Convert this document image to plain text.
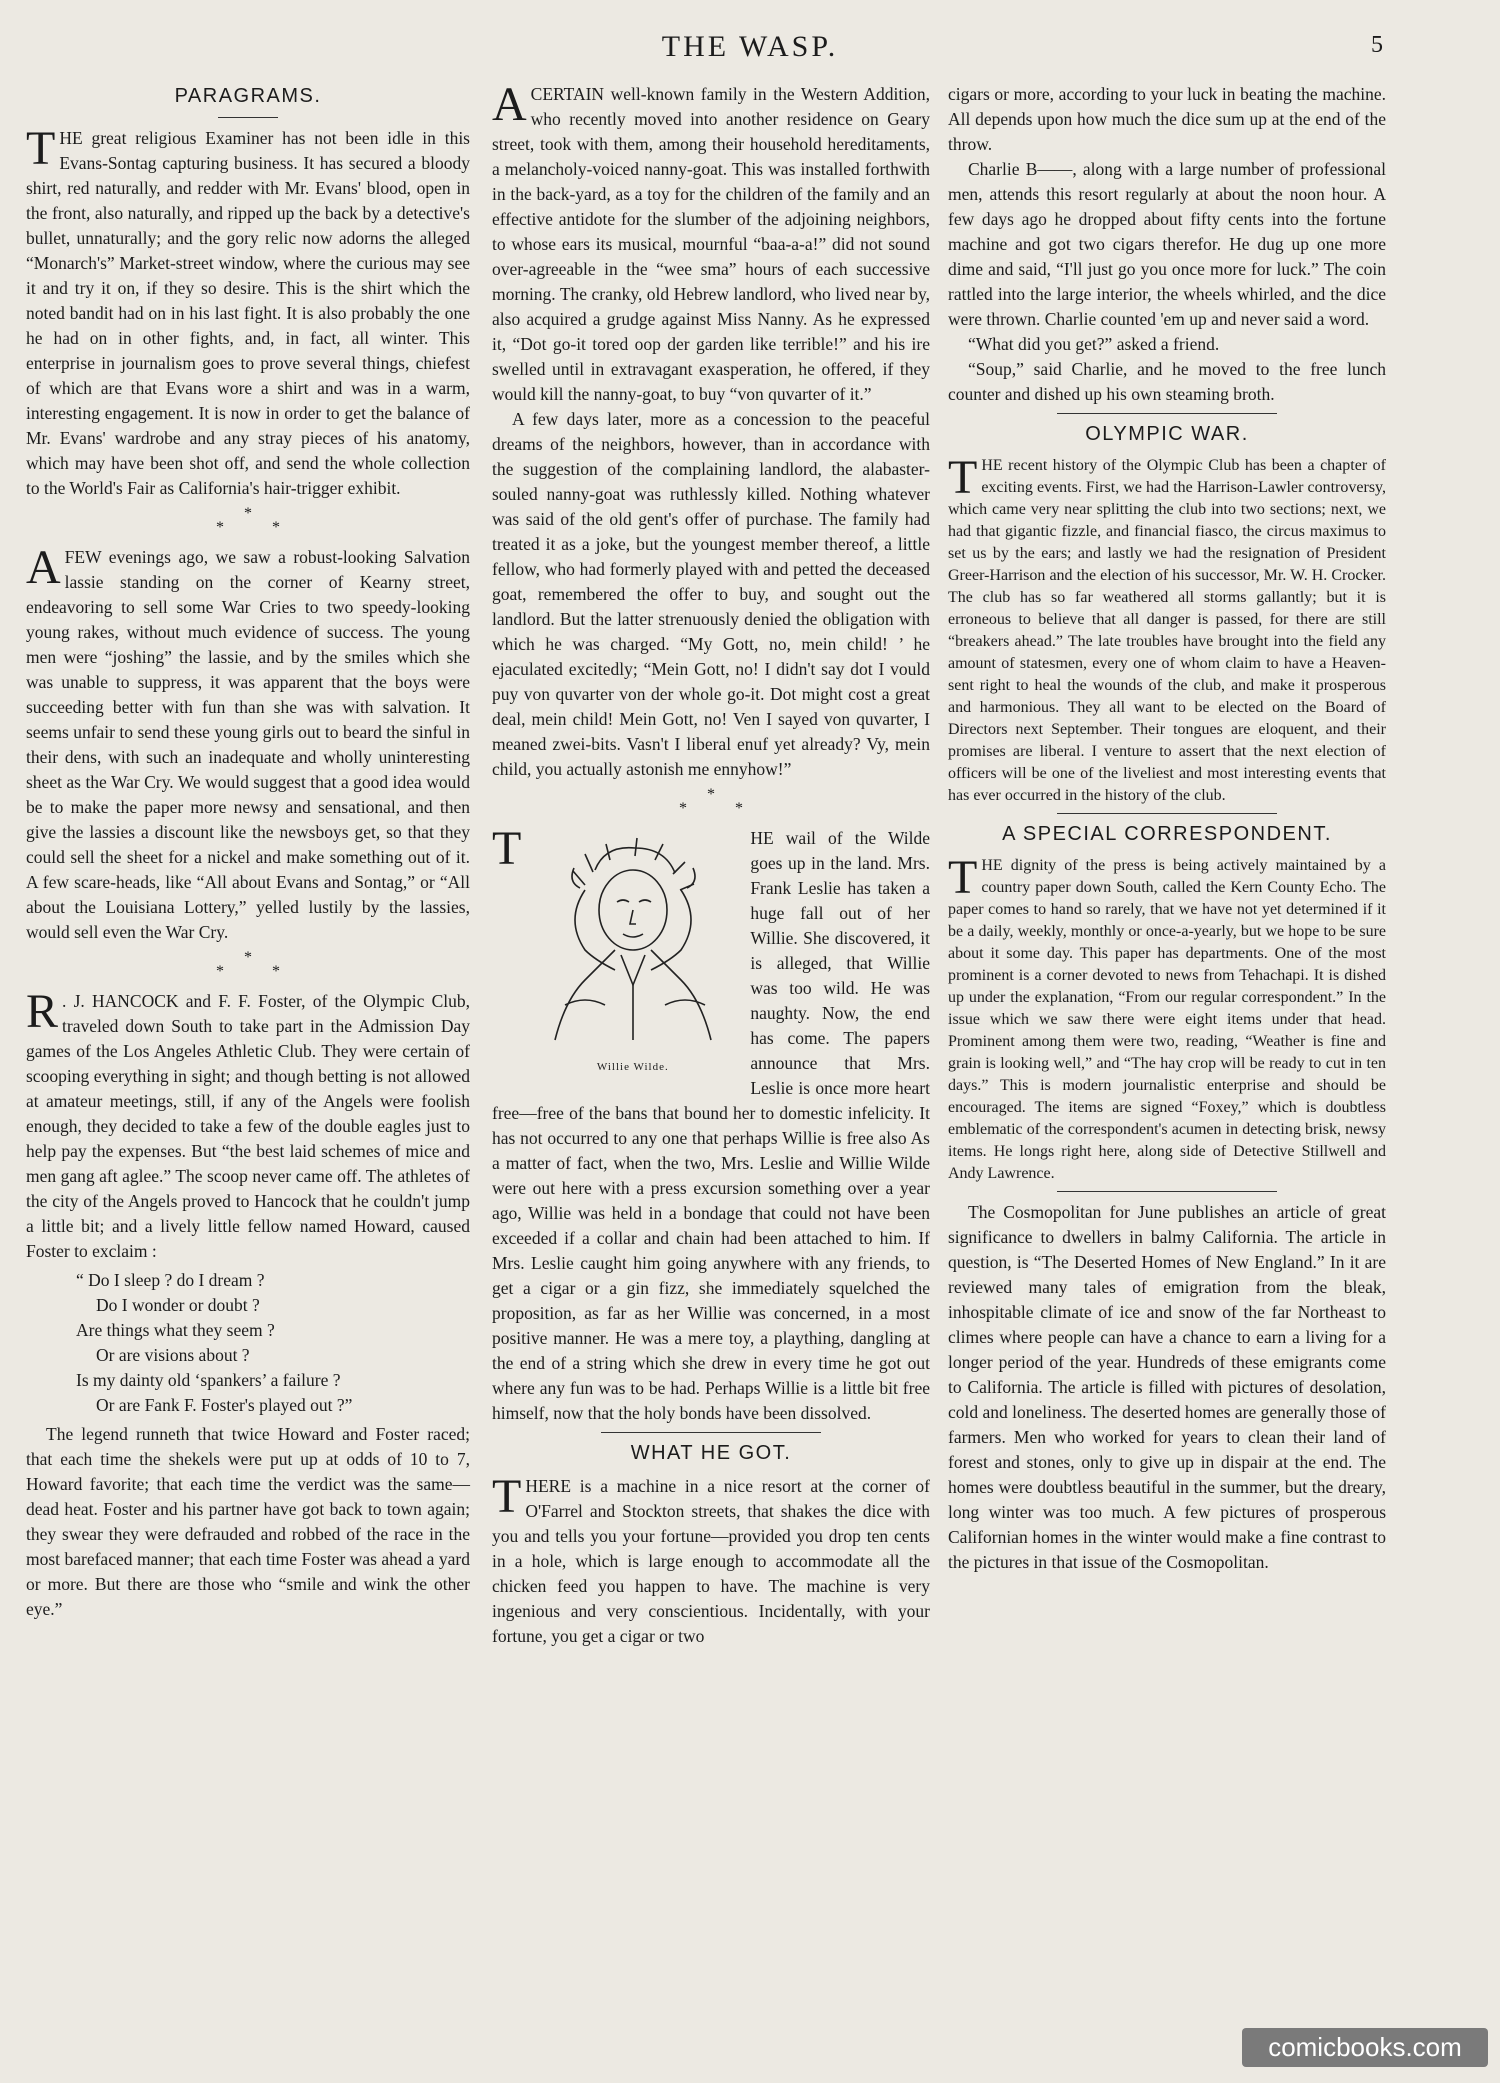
THE WASP.	5
PARAGRAMS.

THE great religious Examiner has not been idle in this Evans-Sontag capturing business. It has secured a bloody shirt, red naturally, and redder with Mr. Evans' blood, open in the front, also naturally, and ripped up the back by a detective's bullet, unnaturally; and the gory relic now adorns the alleged “Monarch's” Market-street window, where the curious may see it and try it on, if they so desire. This is the shirt which the noted bandit had on in his last fight. It is also probably the one he had on in other fights, and, in fact, all winter. This enterprise in journalism goes to prove several things, chiefest of which are that Evans wore a shirt and was in a warm, interesting engagement. It is now in order to get the balance of Mr. Evans' wardrobe and any stray pieces of his anatomy, which may have been shot off, and send the whole collection to the World's Fair as California's hair-trigger exhibit.

*
* *

AFEW evenings ago, we saw a robust-looking Salvation lassie standing on the corner of Kearny street, endeavoring to sell some War Cries to two speedy-looking young rakes, without much evidence of success. The young men were “joshing” the lassie, and by the smiles which she was unable to suppress, it was apparent that the boys were succeeding better with fun than she was with salvation. It seems unfair to send these young girls out to beard the sinful in their dens, with such an inadequate and wholly uninteresting sheet as the War Cry. We would suggest that a good idea would be to make the paper more newsy and sensational, and then give the lassies a discount like the newsboys get, so that they could sell the sheet for a nickel and make something out of it. A few scare-heads, like “All about Evans and Sontag,” or “All about the Louisiana Lottery,” yelled lustily by the lassies, would sell even the War Cry.

*
* *

R . J. HANCOCK and F. F. Foster, of the Olympic Club, traveled down South to take part in the Admission Day games of the Los Angeles Athletic Club. They were certain of scooping everything in sight; and though betting is not allowed at amateur meetings, still, if any of the Angels were foolish enough, they decided to take a few of the double eagles just to help pay the expenses. But “the best laid schemes of mice and men gang aft aglee.” The scoop never came off. The athletes of the city of the Angels proved to Hancock that he couldn't jump a little bit; and a lively little fellow named Howard, caused Foster to exclaim :

“ Do I sleep ? do I dream ?
Do I wonder or doubt ?
Are things what they seem ?
Or are visions about ?
Is my dainty old ‘spankers’ a failure ?
Or are Fank F. Foster's played out ?”

The legend runneth that twice Howard and Foster raced; that each time the shekels were put up at odds of 10 to 7, Howard favorite; that each time the verdict was the same—dead heat. Foster and his partner have got back to town again; they swear they were defrauded and robbed of the race in the most barefaced manner; that each time Foster was ahead a yard or more. But there are those who “smile and wink the other eye.”

ACERTAIN well-known family in the Western Addition, who recently moved into another residence on Geary street, took with them, among their household hereditaments, a melancholy-voiced nanny-goat. This was installed forthwith in the back-yard, as a toy for the children of the family and an effective antidote for the slumber of the adjoining neighbors, to whose ears its musical, mournful “baa-a-a!” did not sound over-agreeable in the “wee sma” hours of each successive morning. The cranky, old Hebrew landlord, who lived near by, also acquired a grudge against Miss Nanny. As he expressed it, “Dot go-it tored oop der garden like terrible!” and his ire swelled until in extravagant exasperation, he offered, if they would kill the nanny-goat, to buy “von quvarter of it.”

A few days later, more as a concession to the peaceful dreams of the neighbors, however, than in accordance with the suggestion of the complaining landlord, the alabaster-souled nanny-goat was ruthlessly killed. Nothing whatever was said of the old gent's offer of purchase. The family had treated it as a joke, but the youngest member thereof, a little fellow, who had formerly played with and petted the deceased goat, remembered the offer to buy, and sought out the landlord. But the latter strenuously denied the obligation with which he was charged. “My Gott, no, mein child! ’ he ejaculated excitedly; “Mein Gott, no! I didn't say dot I vould puy von quvarter von der whole go-it. Dot might cost a great deal, mein child! Mein Gott, no! Ven I sayed von quvarter, I meaned zwei-bits. Vasn't I liberal enuf yet already? Vy, mein child, you actually astonish me ennyhow!”

*
* *

T
Willie Wilde.
HE wail of the Wilde goes up in the land. Mrs. Frank Leslie has taken a huge fall out of her Willie. She discovered, it is alleged, that Willie was too wild. He was naughty. Now, the end has come. The papers announce that Mrs. Leslie is once more heart free—free of the bans that bound her to domestic infelicity. It has not occurred to any one that perhaps Willie is free also As a matter of fact, when the two, Mrs. Leslie and Willie Wilde were out here with a press excursion something over a year ago, Willie was held in a bondage that could not have been exceeded if a collar and chain had been attached to him. If Mrs. Leslie caught him going anywhere with any friends, to get a cigar or a gin fizz, she immediately squelched the proposition, as far as her Willie was concerned, in a most positive manner. He was a mere toy, a plaything, dangling at the end of a string which she drew in every time he got out where any fun was to be had. Perhaps Willie is a little bit free himself, now that the holy bonds have been dissolved.

WHAT HE GOT.

THERE is a machine in a nice resort at the corner of O'Farrel and Stockton streets, that shakes the dice with you and tells you your fortune—provided you drop ten cents in a hole, which is large enough to accommodate all the chicken feed you happen to have. The machine is very ingenious and very conscientious. Incidentally, with your fortune, you get a cigar or two

cigars or more, according to your luck in beating the machine. All depends upon how much the dice sum up at the end of the throw.

Charlie B——, along with a large number of professional men, attends this resort regularly at about the noon hour. A few days ago he dropped about fifty cents into the fortune machine and got two cigars therefor. He dug up one more dime and said, “I'll just go you once more for luck.” The coin rattled into the large interior, the wheels whirled, and the dice were thrown. Charlie counted 'em up and never said a word.

“What did you get?” asked a friend.

“Soup,” said Charlie, and he moved to the free lunch counter and dished up his own steaming broth.

OLYMPIC WAR.

THE recent history of the Olympic Club has been a chapter of exciting events. First, we had the Harrison-Lawler controversy, which came very near splitting the club into two sections; next, we had that gigantic fizzle, and financial fiasco, the circus maximus to set us by the ears; and lastly we had the resignation of President Greer-Harrison and the election of his successor, Mr. W. H. Crocker. The club has so far weathered all storms gallantly; but it is erroneous to believe that all danger is passed, for there are still “breakers ahead.” The late troubles have brought into the field any amount of statesmen, every one of whom claim to have a Heaven-sent right to heal the wounds of the club, and make it prosperous and harmonious. They all want to be elected on the Board of Directors next September. Their tongues are eloquent, and their promises are liberal. I venture to assert that the next election of officers will be one of the liveliest and most interesting events that has ever occurred in the history of the club.

A SPECIAL CORRESPONDENT.

THE dignity of the press is being actively maintained by a country paper down South, called the Kern County Echo. The paper comes to hand so rarely, that we have not yet determined if it be a daily, weekly, monthly or once-a-yearly, but we hope to be sure about it some day. This paper has departments. One of the most prominent is a corner devoted to news from Tehachapi. It is dished up under the explanation, “From our regular correspondent.” In the issue which we saw there were eight items under that head. Prominent among them were two, reading, “Weather is fine and grain is looking well,” and “The hay crop will be ready to cut in ten days.” This is modern journalistic enterprise and should be encouraged. The items are signed “Foxey,” which is doubtless emblematic of the correspondent's acumen in detecting brisk, newsy items. He longs right here, along side of Detective Stillwell and Andy Lawrence.

The Cosmopolitan for June publishes an article of great significance to dwellers in balmy California. The article in question, is “The Deserted Homes of New England.” In it are reviewed many tales of emigration from the bleak, inhospitable climate of ice and snow of the far Northeast to climes where people can have a chance to earn a living for a longer period of the year. Hundreds of these emigrants come to California. The article is filled with pictures of desolation, cold and loneliness. The deserted homes are generally those of farmers. Men who worked for years to clean their land of forest and stones, only to give up in dispair at the end. The homes were doubtless beautiful in the summer, but the dreary, long winter was too much. A few pictures of prosperous Californian homes in the winter would make a fine contrast to the pictures in that issue of the Cosmopolitan.

comicbooks.com
